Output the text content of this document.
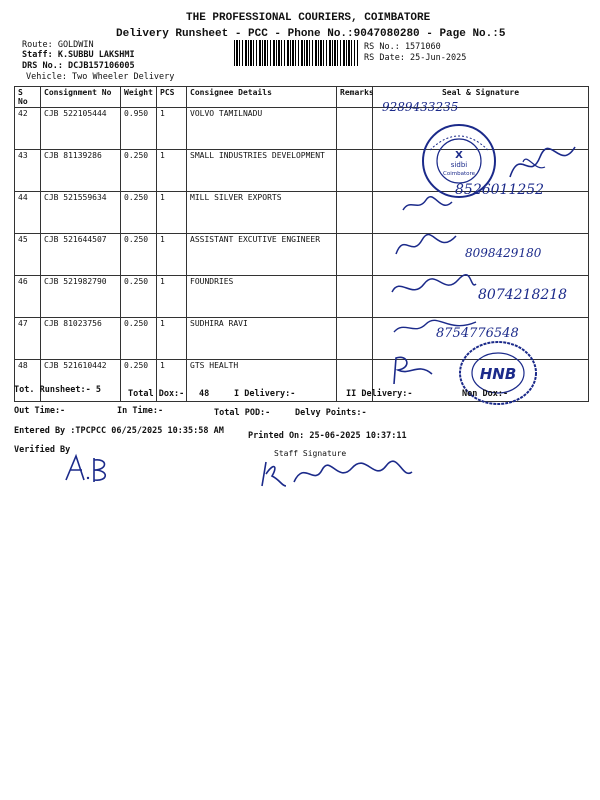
THE PROFESSIONAL COURIERS, COIMBATORE
Delivery Runsheet - PCC - Phone No.:9047080280 - Page No.:5
Route: GOLDWIN
Staff: K.SUBBU LAKSHMI
DRS No.: DCJB157106005
Vehicle: Two Wheeler Delivery
RS No.: 1571060
RS Date: 25-Jun-2025
S No	Consignment No	Weight	PCS	Consignee Details	Remarks	Seal & Signature
42	CJB 522105444	0.950	1	VOLVO TAMILNADU		
43	CJB 81139286	0.250	1	SMALL INDUSTRIES DEVELOPMENT		
44	CJB 521559634	0.250	1	MILL SILVER EXPORTS		
45	CJB 521644507	0.250	1	ASSISTANT EXCUTIVE ENGINEER		
46	CJB 521982790	0.250	1	FOUNDRIES		
47	CJB 81023756	0.250	1	SUDHIRA RAVI		
48	CJB 521610442	0.250	1	GTS HEALTH		
9289433235
X
sidbi
Coimbatore
8526011252
8098429180
8074218218
8754776548
HNB
Tot. Runsheet:- 5	Total Dox:- 48	I Delivery:-	II Delivery:-	Non Dox:-
Out Time:-	In Time:-	Total POD:-	Delvy Points:-
Entered By :TPCPCC 06/25/2025 10:35:58 AM	Printed On: 25-06-2025 10:37:11
Verified By	Staff Signature
